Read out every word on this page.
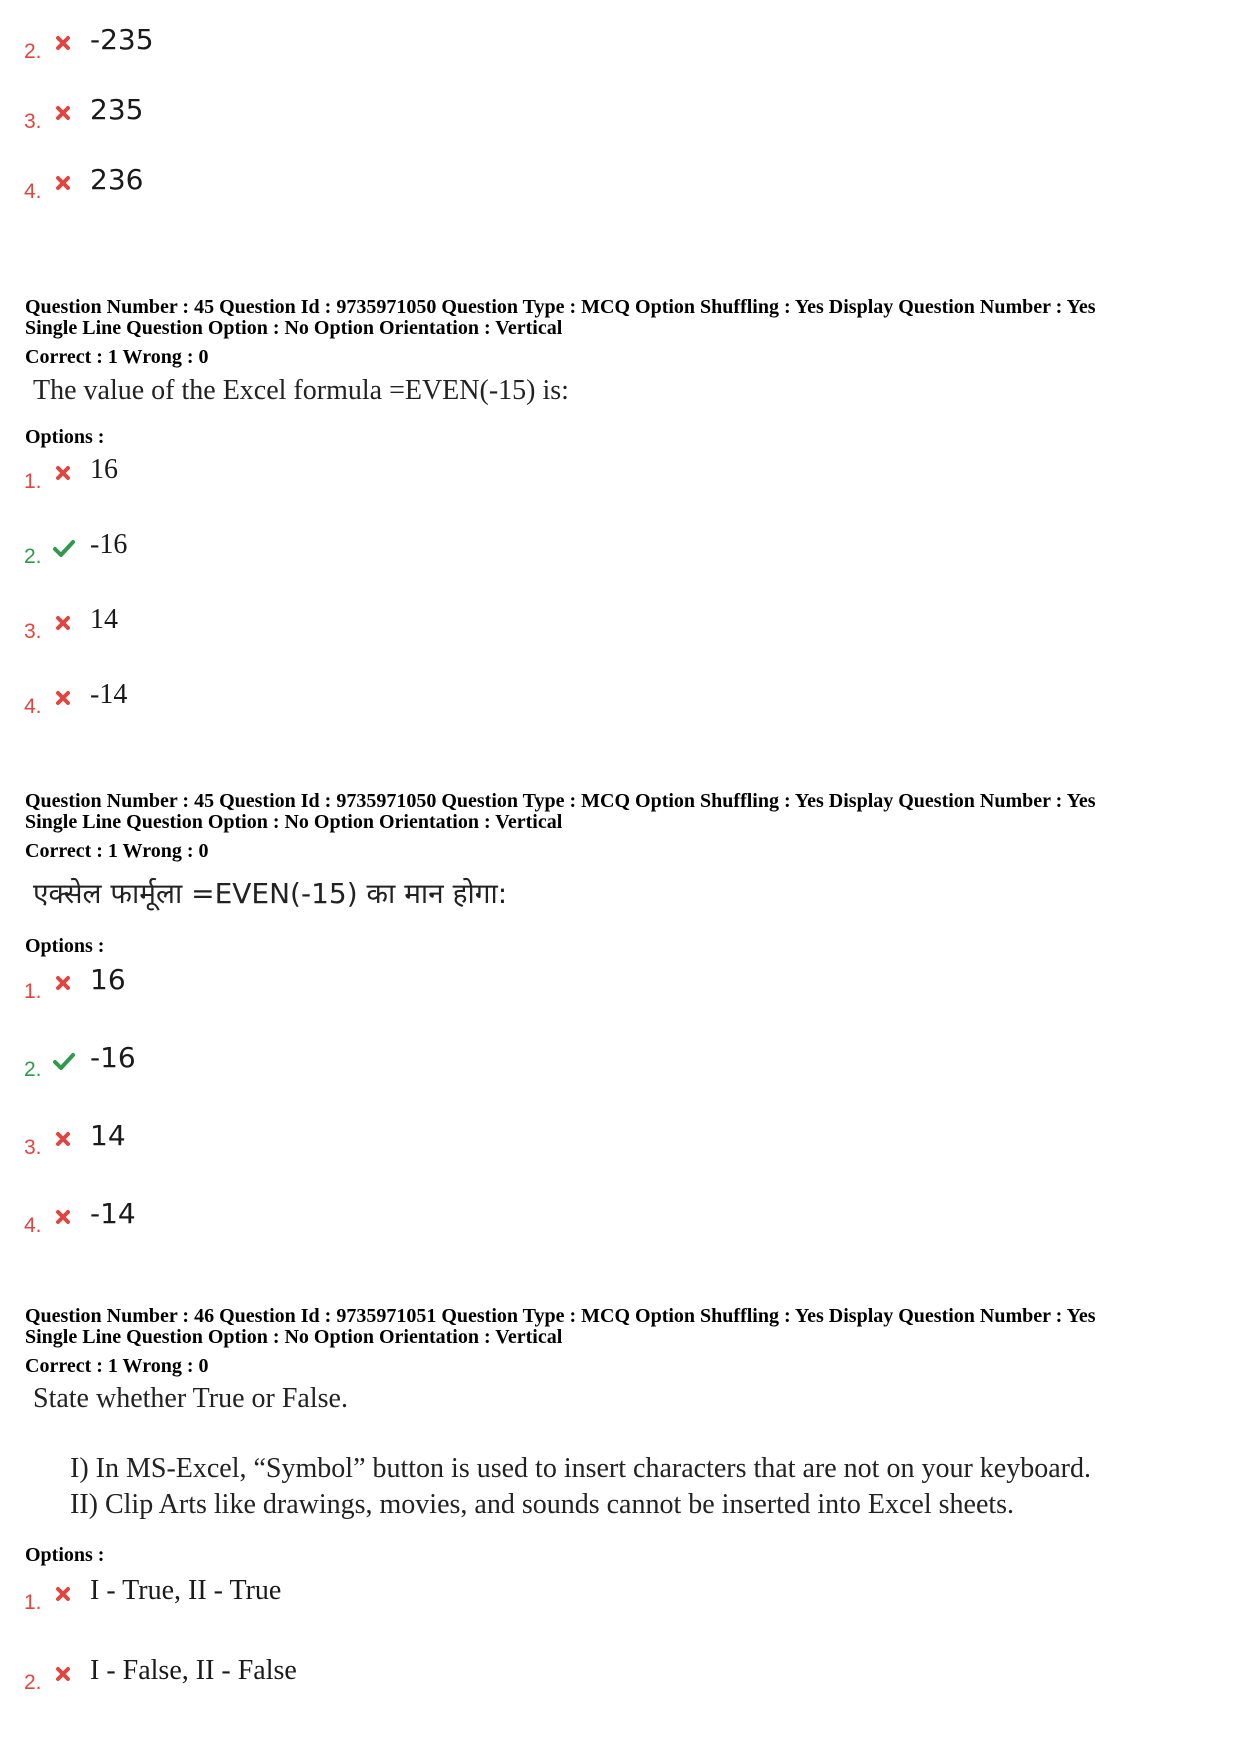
2. -235
3. 235
4. 236
Question Number : 45 Question Id : 9735971050 Question Type : MCQ Option Shuffling : Yes Display Question Number : Yes
Single Line Question Option : No Option Orientation : Vertical
Correct : 1 Wrong : 0
The value of the Excel formula =EVEN(-15) is:
Options :
1. 16
2. -16
3. 14
4. -14
Question Number : 45 Question Id : 9735971050 Question Type : MCQ Option Shuffling : Yes Display Question Number : Yes
Single Line Question Option : No Option Orientation : Vertical
Correct : 1 Wrong : 0
एक्सेल फार्मूला =EVEN(-15) का मान होगा:
Options :
1. 16
2. -16
3. 14
4. -14
Question Number : 46 Question Id : 9735971051 Question Type : MCQ Option Shuffling : Yes Display Question Number : Yes
Single Line Question Option : No Option Orientation : Vertical
Correct : 1 Wrong : 0
State whether True or False.
I) In MS-Excel, “Symbol” button is used to insert characters that are not on your keyboard.
II) Clip Arts like drawings, movies, and sounds cannot be inserted into Excel sheets.
Options :
1. I - True, II - True
2. I - False, II - False
